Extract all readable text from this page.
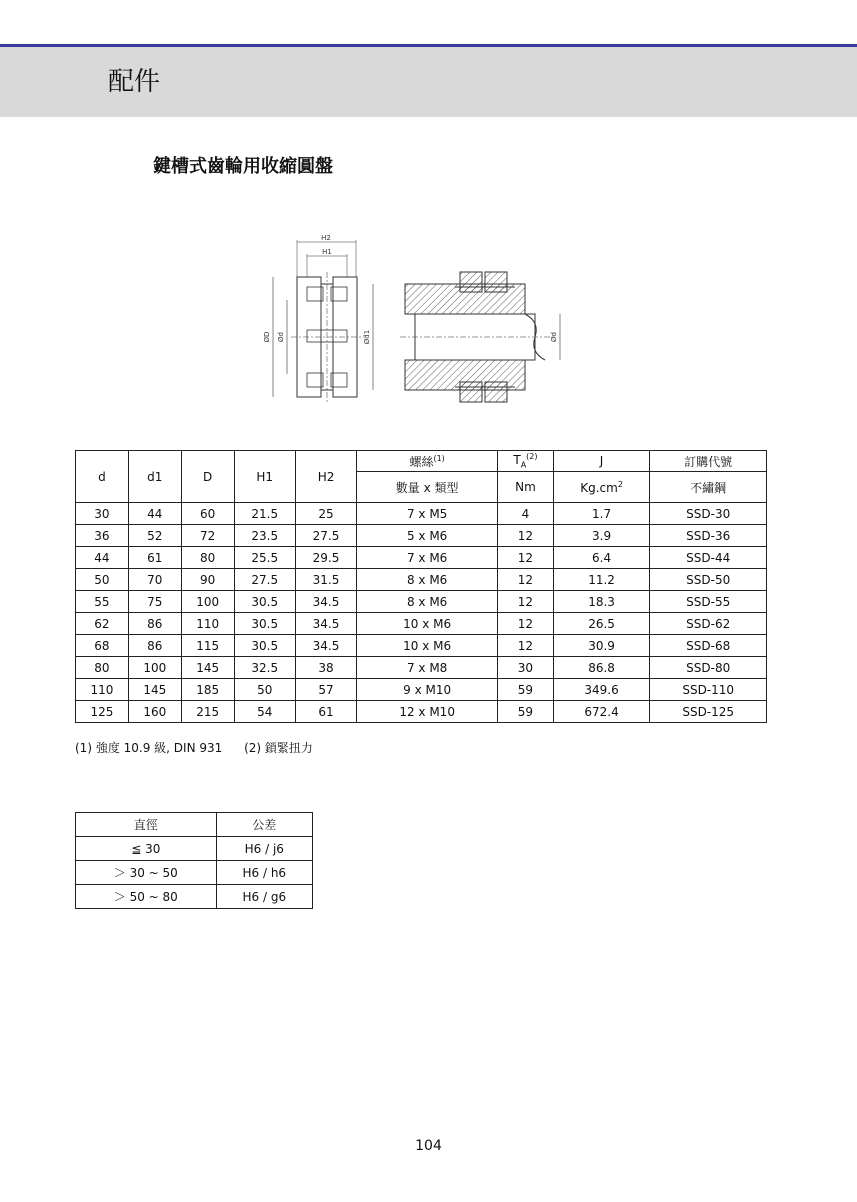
配件
鍵槽式齒輪用收縮圓盤
H2
H1
ØD Ød	Ød1	Ød
d	d1	D	H1	H2	螺絲$^{(1)}$	$T_A^{(2)}$	J	訂購代號
					數量 x 類型	Nm	$Kg.cm^2$	不繡鋼
30	44	60	21.5	25	7 x M5	4	1.7	SSD-30
36	52	72	23.5	27.5	5 x M6	12	3.9	SSD-36
44	61	80	25.5	29.5	7 x M6	12	6.4	SSD-44
50	70	90	27.5	31.5	8 x M6	12	11.2	SSD-50
55	75	100	30.5	34.5	8 x M6	12	18.3	SSD-55
62	86	110	30.5	34.5	10 x M6	12	26.5	SSD-62
68	86	115	30.5	34.5	10 x M6	12	30.9	SSD-68
80	100	145	32.5	38	7 x M8	30	86.8	SSD-80
110	145	185	50	57	9 x M10	59	349.6	SSD-110
125	160	215	54	61	12 x M10	59	672.4	SSD-125
(1) 強度 10.9 級, DIN 931 (2) 鎖緊扭力
直徑	公差
≦ 30	H6 / j6
＞ 30 ~ 50	H6 / h6
＞ 50 ~ 80	H6 / g6
104
